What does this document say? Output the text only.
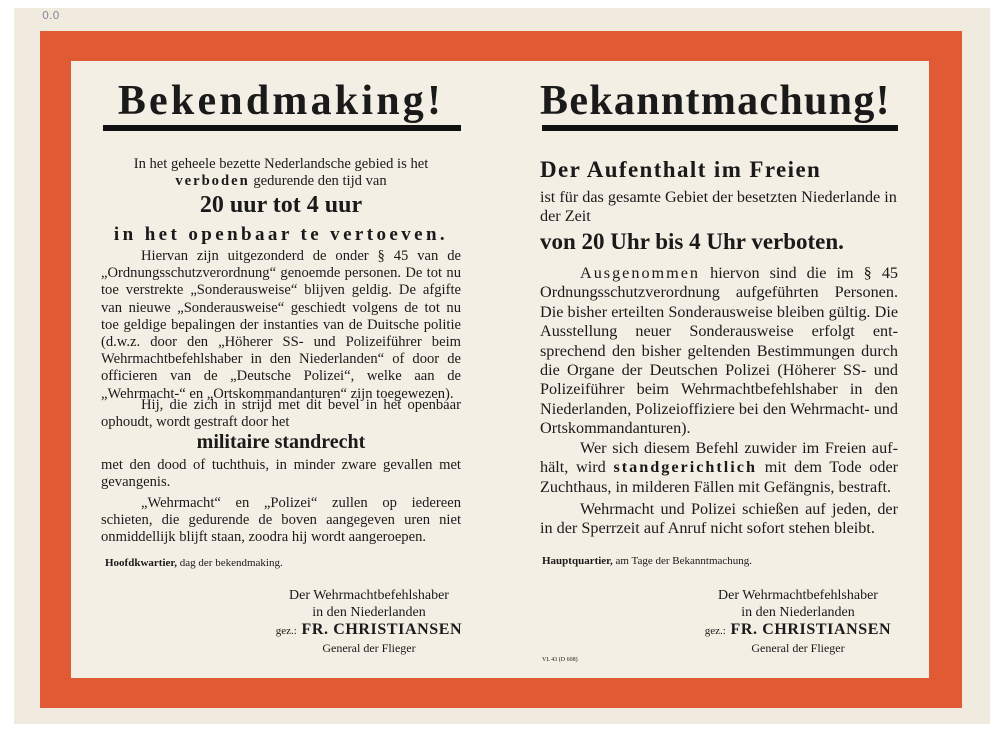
0.0
Bekendmaking!
In het geheele bezette Nederlandsche gebied is het
verboden gedurende den tijd van
20 uur tot 4 uur
in het openbaar te vertoeven.
Hiervan zijn uitgezonderd de onder § 45 van de „Ordnungsschutzverordnung“ genoemde personen. De tot nu toe verstrekte „Sonderausweise“ blijven geldig. De afgifte van nieuwe „Sonderausweise“ geschiedt volgens de tot nu toe geldige bepalingen der instanties van de Duitsche politie (d.w.z. door den „Höherer SS- und Polizeiführer beim Wehrmachtbefehlshaber in den Niederlanden“ of door de officieren van de „Deutsche Polizei“, welke aan de „Wehrmacht-“ en „Ortskommandanturen“ zijn toegewezen).
Hij, die zich in strijd met dit bevel in het openbaar ophoudt, wordt gestraft door het
militaire standrecht
met den dood of tuchthuis, in minder zware gevallen met gevangenis.
„Wehrmacht“ en „Polizei“ zullen op iedereen schieten, die gedurende de boven aangegeven uren niet onmiddellijk blijft staan, zoodra hij wordt aangeroepen.
Hoofdkwartier, dag der bekendmaking.
Der Wehrmachtbefehlshaber
in den Niederlanden
gez.: FR. CHRISTIANSEN
General der Flieger
Bekanntmachung!
Der Aufenthalt im Freien
ist für das gesamte Gebiet der besetzten Niederlande in der Zeit
von 20 Uhr bis 4 Uhr verboten.
Ausgenommen hiervon sind die im § 45 Ordnungsschutzverordnung aufgeführten Personen. Die bisher erteilten Sonderausweise bleiben gültig. Die Ausstellung neuer Sonderausweise erfolgt ent-sprechend den bisher geltenden Bestimmungen durch die Organe der Deutschen Polizei (Höherer SS- und Polizeiführer beim Wehrmachtbefehlshaber in den Niederlanden, Polizeioffiziere bei den Wehrmacht- und Ortskommandanturen).
Wer sich diesem Befehl zuwider im Freien auf-hält, wird standgerichtlich mit dem Tode oder Zuchthaus, in milderen Fällen mit Gefängnis, bestraft.
Wehrmacht und Polizei schießen auf jeden, der in der Sperrzeit auf Anruf nicht sofort stehen bleibt.
Hauptquartier, am Tage der Bekanntmachung.
Der Wehrmachtbefehlshaber
in den Niederlanden
gez.: FR. CHRISTIANSEN
General der Flieger
VL 43 (D 608)
